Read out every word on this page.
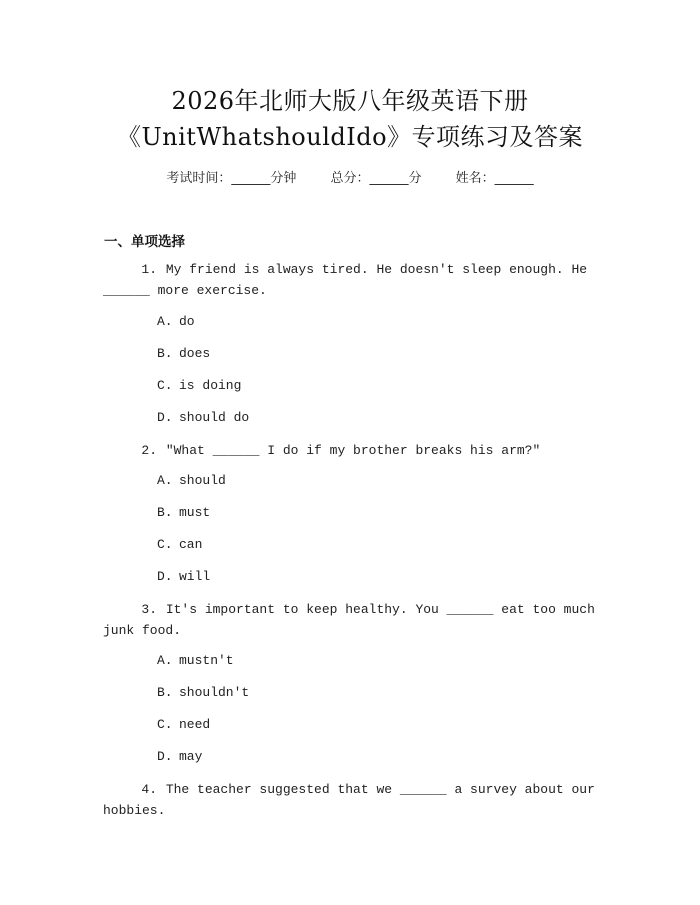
2026年北师大版八年级英语下册
《UnitWhatshouldIdo》专项练习及答案
考试时间：______分钟	总分：______分	姓名：______
一、单项选择
1. My friend is always tired. He doesn't sleep enough. He ______ more exercise.
A. do
B. does
C. is doing
D. should do
2. "What ______ I do if my brother breaks his arm?"
A. should
B. must
C. can
D. will
3. It's important to keep healthy. You ______ eat too much junk food.
A. mustn't
B. shouldn't
C. need
D. may
4. The teacher suggested that we ______ a survey about our hobbies.
